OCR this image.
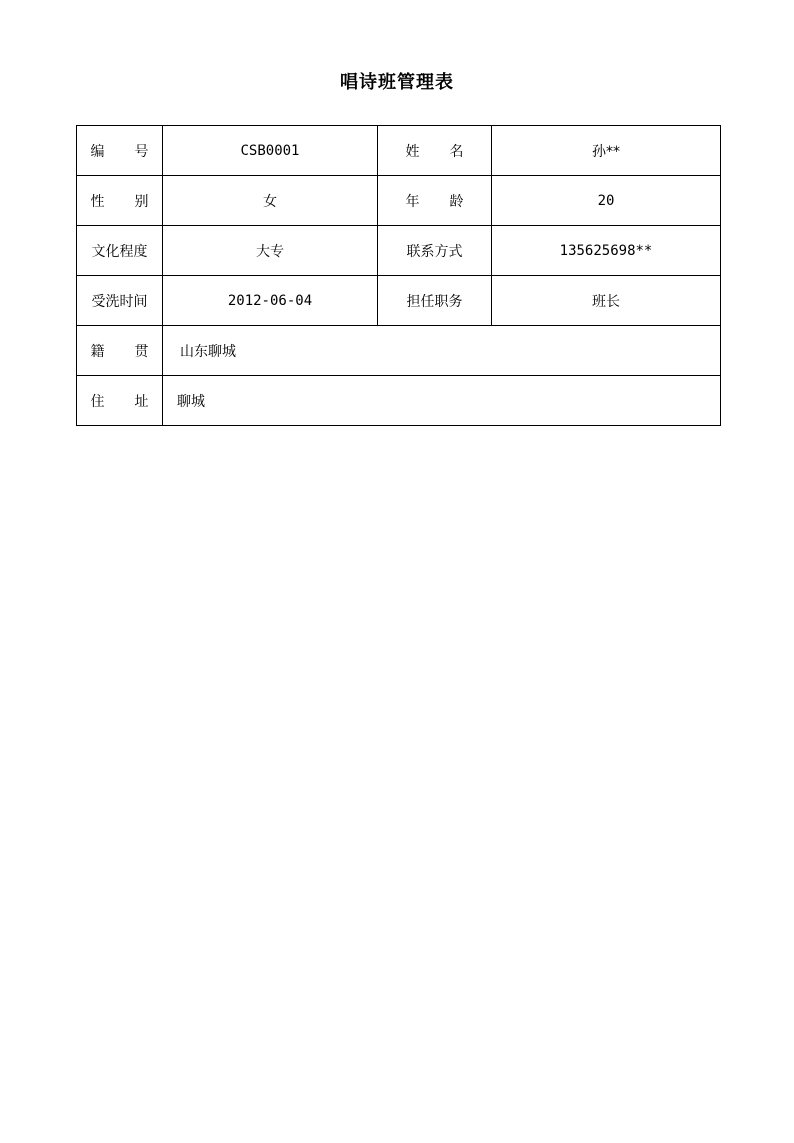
唱诗班管理表
编 号	CSB0001	姓 名	孙**

性 别	女	年 龄	20
文化程度	大专	联系方式	135625698**
受洗时间	2012-06-04	担任职务	班长

籍 贯	山东聊城		

住 址	聊城		
